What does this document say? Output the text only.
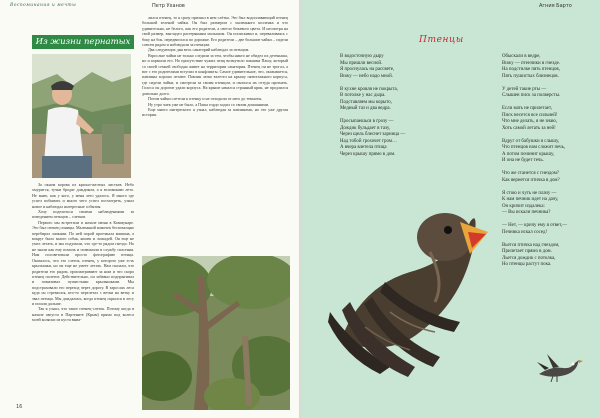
Воспоминания и мечты	Петр Уханов
Из жизни пернатых

За окном корова из красно-желтых листьев. Небо хмурится, тучки бродят дождиком, а я вспоминаю лето. Не знаю, как у кого, у меня лето удалось. Я много где успел побывать и много чего успел посмотреть, узнал новое и наблюдал интересные события.

Хочу поделиться своими наблюдениями за поведением птенцов – слетков.

Первого мы встретили в начале июня в Коммунаре. Это был птенец синицы. Маленький комочек беспомощно перебирал лапками. По ней порой проезжала машина, а вокруг было много собак, кошек и лошадей. Он еще не умел летать, и мы подумали, что где-то рядом гнездо. Но не знали как ему помочь и позвонили в службу спасения. Нам посоветовали просто фотографию птенца. Оказалось, что это слеток, птенец, у которого уже есть крылышки, но он еще не умеет летать. Нам сказали, что родители его рядом, присматривают за ним и что скоро птенец полетит. Действительно, он забавно подпрыгивал и помахивал пушистыми крылышками. Мы подстраховали его переход через дорогу. В зарослях леса куда он стремился, кто-то перелетал с ветки на ветку и звал птенца. Мы дождались, когда птенец скрылся в лесу и пошли дальше.

Так я узнал, что такое птенец-слеток. Потому когда в начале августа в Партените (Крым) прямо под колеса моей коляски из куста выва-

лился птенец, то я сразу признал в нем слётка. Это был водоплавающий птенец большой зеленой чайки. Он был размером с маленького козленка и что удивительно, не белого, как его родители, а светло бежевого цвета. И несмотря на свой размер, выглядел растерянным малышом. Он попискивал и, переваливаясь с боку на бок, передвигался по дорожке. Его родители – две большие чайки – сидели совсем рядом и наблюдали за птенцом.

Два следующих дня весь санаторий наблюдал за птенцом.

Взрослые чайки не только следили за тем, чтобы никто не обидел их детеныша, но и кормили его. Но присутствие чужих птиц возмутило пакаима Пашу, который со своей семьей свободно живет на территории санатория. Птенец он не трогал, а вот с его родителями вступил в конфликты. Самое удивительное, что, оказывается, павлины хорошо летают. Павлин легко взлетел на крышу пятиэтажного корпуса, где сидели чайки, и смотрели за своим птенцом, и пытался их оттуда прогнать. Голоса он дорогие удали корпуса. На крыше начался странный крик, не продлился довольно долго.

Потом чайки слетели к птенцу и не отходили от него до темноты.

Ну утро чаек уже не было, а Паша гордо ходил со своим домашними.

Еще много интересного я узнал, наблюдая за павлинами, но это уже другая история.

16
Агния Барто
Птенцы
В водосточную дыру
Мы пришли весной.
Я проснулась на рассвете,
Вижу — небо надо мной.
В кухне кровля не покрыта,
В потолке у нас дыра.
Подставляем мы корыто,
Медный таз и два ведра.
Просыпаешься в грозу —
Дождик бульдает в тазу,
Через щель блеснет зарница —
Над тобой грохочет гром…
А вчера влетела птица
Через крышу прямо в дом.
Обыскали в ведре,
Вижу — птенчики в гнезде.
На подстилке пять птенцов,
Пять пушистых близнецов.
У детей такие рты —
Слышен писк за полверсты.
Если мать не прилетает,
Писк несется все сильней!
Что мне делать, я не знаю,
Хоть самой летать за ней!
Вдруг от бабушки я слышу,
Что птенцов нам сложит печь,
А потом починит крышу,
И она не будет течь.
Что же станется с гнездом?
Как вернется птичка в дом?
Я стою и чуть не плачу —
К нам печник идет на дачу,
Он кричит издалека:
— Вы искали печника?
— Нет, — кричу ему я ответ,—
Печника искал сосед!
Вьется птичка над гнездом,
Прилетает прямо в дом.
Льется дождик с потолка,
Но птенцы растут пока.
